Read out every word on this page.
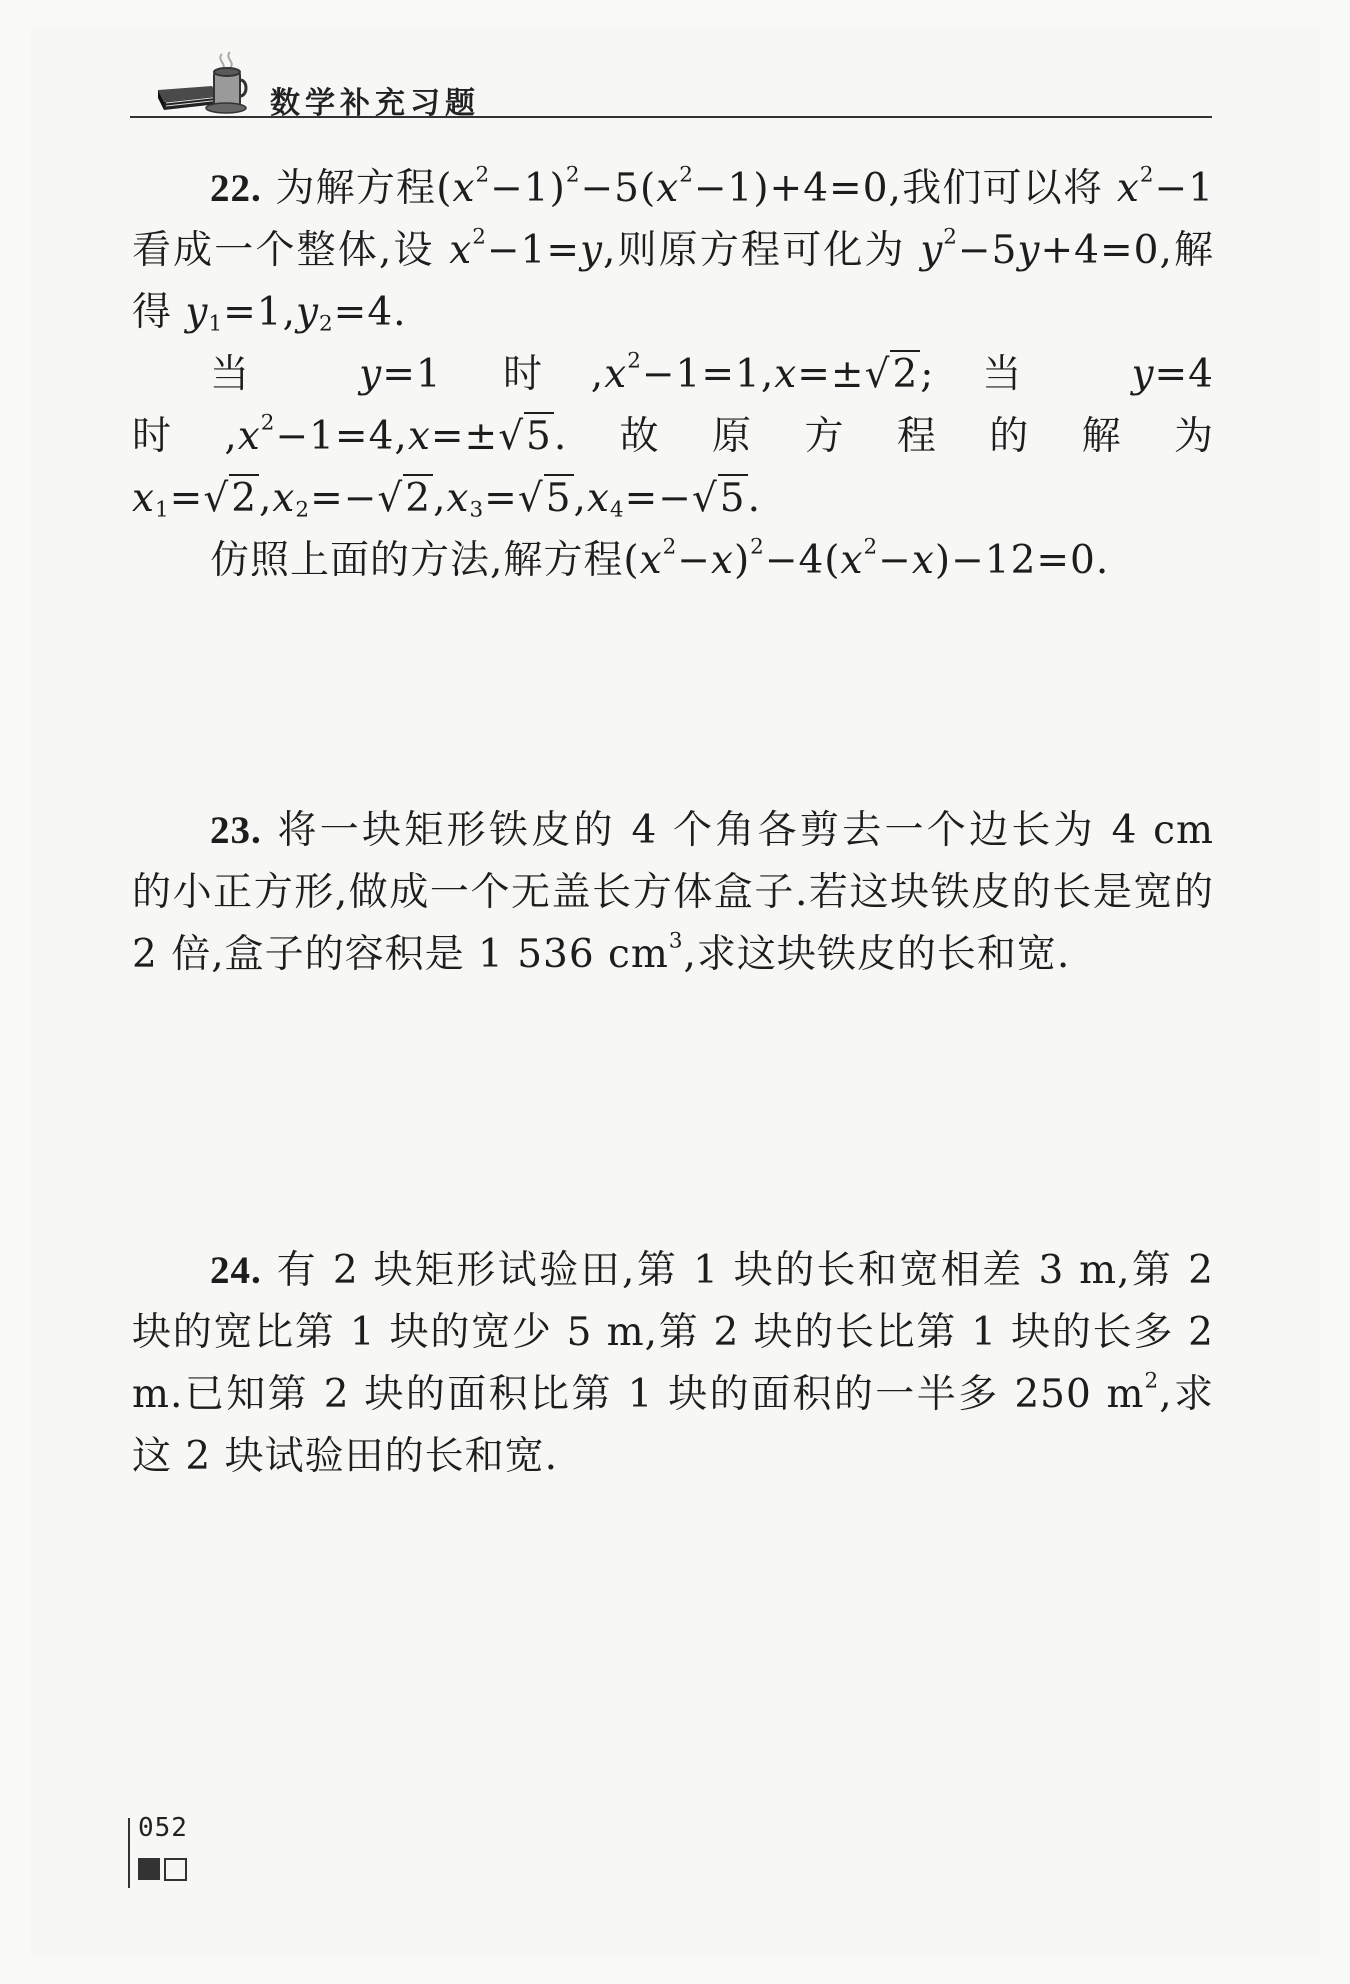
数学补充习题

22. 为解方程$(x^2-1)^2-5(x^2-1)+4=0$,我们可以将 $x^2-1$ 看成一个整体,设 $x^2-1=y$,则原方程可化为 $y^2-5y+4=0$,解得 $y_1=1,y_2=4$.

当 y=1 时$,x^2-1=1,x=\pm√2$;当 y=4 时$,x^2-1=4,x=\pm√5$.故原方程的解为 $x_1=√2,x_2=-√2,x_3=√5,x_4=-√5$.

仿照上面的方法,解方程$(x^2-x)^2-4(x^2-x)-12=0$.

23. 将一块矩形铁皮的 4 个角各剪去一个边长为 4 cm 的小正方形,做成一个无盖长方体盒子.若这块铁皮的长是宽的 2 倍,盒子的容积是 1 536 $cm^3$,求这块铁皮的长和宽.

24. 有 2 块矩形试验田,第 1 块的长和宽相差 3 m,第 2 块的宽比第 1 块的宽少 5 m,第 2 块的长比第 1 块的长多 2 m.已知第 2 块的面积比第 1 块的面积的一半多 250 $m^2$,求这 2 块试验田的长和宽.

052
